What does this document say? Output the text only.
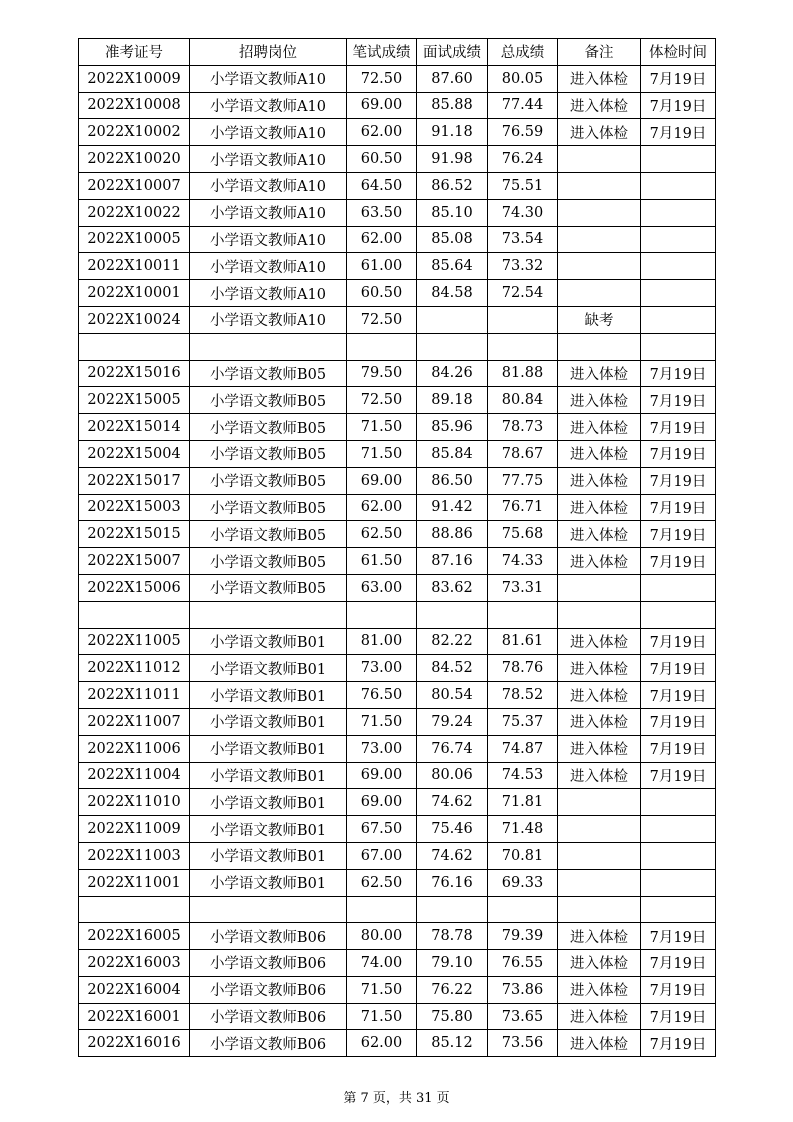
准考证号	招聘岗位	笔试成绩	面试成绩	总成绩	备注	体检时间
2022X10009	小学语文教师A10	72.50	87.60	80.05	进入体检	7月19日
2022X10008	小学语文教师A10	69.00	85.88	77.44	进入体检	7月19日
2022X10002	小学语文教师A10	62.00	91.18	76.59	进入体检	7月19日
2022X10020	小学语文教师A10	60.50	91.98	76.24		
2022X10007	小学语文教师A10	64.50	86.52	75.51		
2022X10022	小学语文教师A10	63.50	85.10	74.30		
2022X10005	小学语文教师A10	62.00	85.08	73.54		
2022X10011	小学语文教师A10	61.00	85.64	73.32		
2022X10001	小学语文教师A10	60.50	84.58	72.54		
2022X10024	小学语文教师A10	72.50			缺考	

2022X15016	小学语文教师B05	79.50	84.26	81.88	进入体检	7月19日
2022X15005	小学语文教师B05	72.50	89.18	80.84	进入体检	7月19日
2022X15014	小学语文教师B05	71.50	85.96	78.73	进入体检	7月19日
2022X15004	小学语文教师B05	71.50	85.84	78.67	进入体检	7月19日
2022X15017	小学语文教师B05	69.00	86.50	77.75	进入体检	7月19日
2022X15003	小学语文教师B05	62.00	91.42	76.71	进入体检	7月19日
2022X15015	小学语文教师B05	62.50	88.86	75.68	进入体检	7月19日
2022X15007	小学语文教师B05	61.50	87.16	74.33	进入体检	7月19日
2022X15006	小学语文教师B05	63.00	83.62	73.31		

2022X11005	小学语文教师B01	81.00	82.22	81.61	进入体检	7月19日
2022X11012	小学语文教师B01	73.00	84.52	78.76	进入体检	7月19日
2022X11011	小学语文教师B01	76.50	80.54	78.52	进入体检	7月19日
2022X11007	小学语文教师B01	71.50	79.24	75.37	进入体检	7月19日
2022X11006	小学语文教师B01	73.00	76.74	74.87	进入体检	7月19日
2022X11004	小学语文教师B01	69.00	80.06	74.53	进入体检	7月19日
2022X11010	小学语文教师B01	69.00	74.62	71.81		
2022X11009	小学语文教师B01	67.50	75.46	71.48		
2022X11003	小学语文教师B01	67.00	74.62	70.81		
2022X11001	小学语文教师B01	62.50	76.16	69.33		

2022X16005	小学语文教师B06	80.00	78.78	79.39	进入体检	7月19日
2022X16003	小学语文教师B06	74.00	79.10	76.55	进入体检	7月19日
2022X16004	小学语文教师B06	71.50	76.22	73.86	进入体检	7月19日
2022X16001	小学语文教师B06	71.50	75.80	73.65	进入体检	7月19日
2022X16016	小学语文教师B06	62.00	85.12	73.56	进入体检	7月19日
第 7 页，共 31 页
